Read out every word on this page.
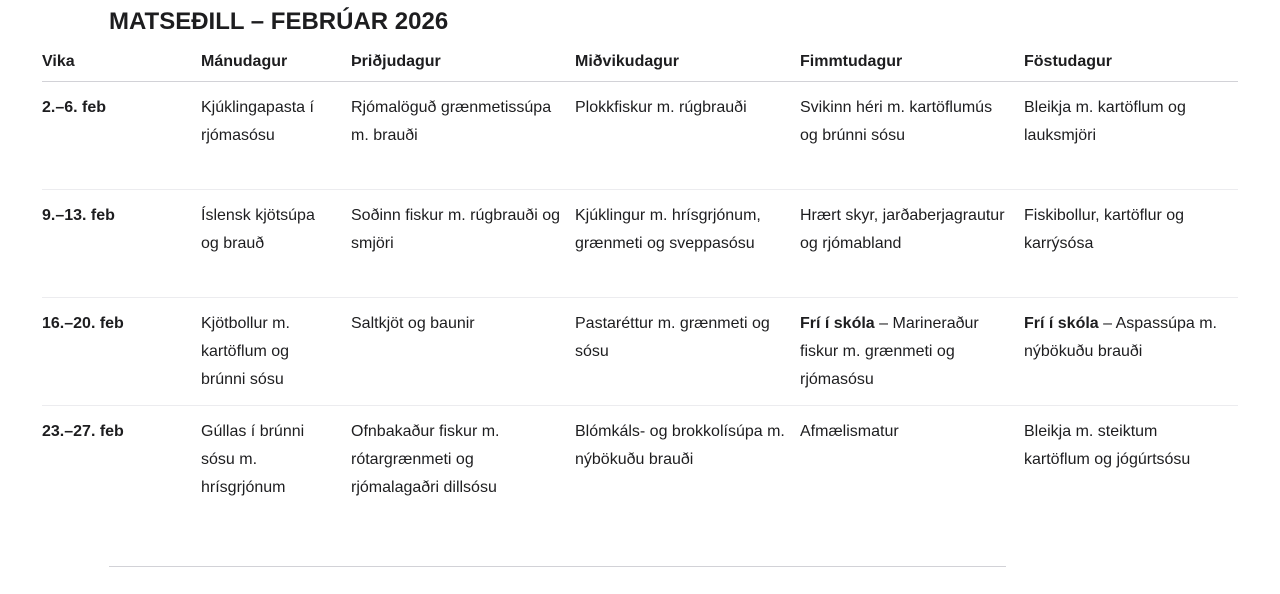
MATSEÐILL – FEBRÚAR 2026
Vika	Mánudagur	Þriðjudagur	Miðvikudagur	Fimmtudagur	Föstudagur
2.–6. feb	Kjúklingapasta í rjómasósu	Rjómalöguð grænmetissúpa m. brauði	Plokkfiskur m. rúgbrauði	Svikinn héri m. kartöflumús og brúnni sósu	Bleikja m. kartöflum og lauksmjöri
9.–13. feb	Íslensk kjötsúpa og brauð	Soðinn fiskur m. rúgbrauði og smjöri	Kjúklingur m. hrísgrjónum, grænmeti og sveppasósu	Hrært skyr, jarðaberjagrautur og rjómabland	Fiskibollur, kartöflur og karrýsósa
16.–20. feb	Kjötbollur m. kartöflum og brúnni sósu	Saltkjöt og baunir	Pastaréttur m. grænmeti og sósu	Frí í skóla – Marineraður fiskur m. grænmeti og rjómasósu	Frí í skóla – Aspassúpa m. nýbökuðu brauði
23.–27. feb	Gúllas í brúnni sósu m. hrísgrjónum	Ofnbakaður fiskur m. rótargrænmeti og rjómalagaðri dillsósu	Blómkáls- og brokkolísúpa m. nýbökuðu brauði	Afmælismatur	Bleikja m. steiktum kartöflum og jógúrtsósu
